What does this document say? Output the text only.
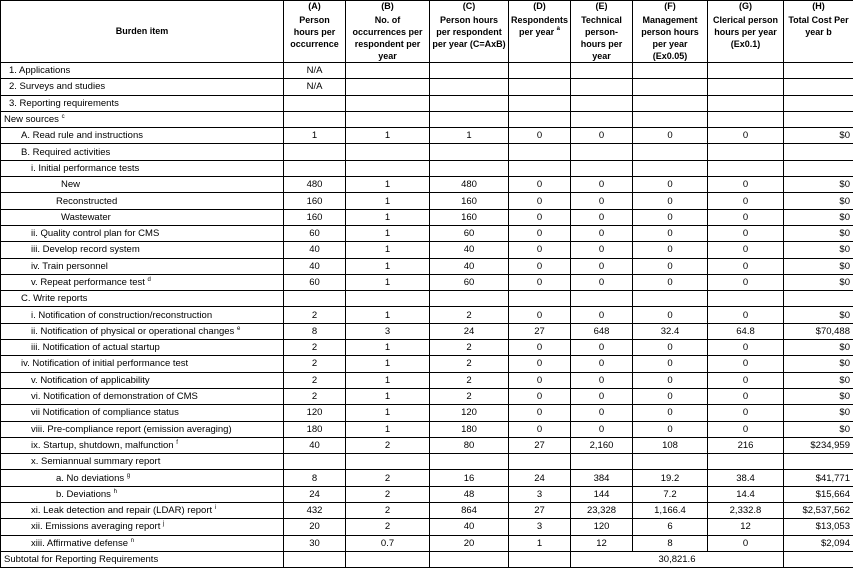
Burden item	(A)	(B)	(C)	(D)	(E)	(F)	(G)	(H)
	Person hours per occurrence	No. of occurrences per respondent per year	Person hours per respondent per year (C=AxB)	Respondents per year $^a$	Technical person-hours per year	Management person hours per year (Ex0.05)	Clerical person hours per year (Ex0.1)	Total Cost Per year b
1. Applications	N/A							
2. Surveys and studies	N/A							
3. Reporting requirements								
New sources $^c$								
A. Read rule and instructions	1	1	1	0	0	0	0	$0
B. Required activities								
i. Initial performance tests								
New	480	1	480	0	0	0	0	$0
Reconstructed	160	1	160	0	0	0	0	$0
Wastewater	160	1	160	0	0	0	0	$0
ii. Quality control plan for CMS	60	1	60	0	0	0	0	$0
iii. Develop record system	40	1	40	0	0	0	0	$0
iv. Train personnel	40	1	40	0	0	0	0	$0
v. Repeat performance test $^d$	60	1	60	0	0	0	0	$0
C. Write reports								
i. Notification of construction/reconstruction	2	1	2	0	0	0	0	$0
ii. Notification of physical or operational changes $^e$	8	3	24	27	648	32.4	64.8	$70,488
iii. Notification of actual startup	2	1	2	0	0	0	0	$0
iv. Notification of initial performance test	2	1	2	0	0	0	0	$0
v. Notification of applicability	2	1	2	0	0	0	0	$0
vi. Notification of demonstration of CMS	2	1	2	0	0	0	0	$0
vii Notification of compliance status	120	1	120	0	0	0	0	$0
viii. Pre-compliance report (emission averaging)	180	1	180	0	0	0	0	$0
ix. Startup, shutdown, malfunction $^f$	40	2	80	27	2,160	108	216	$234,959
x. Semiannual summary report								
a. No deviations $^g$	8	2	16	24	384	19.2	38.4	$41,771
b. Deviations $^h$	24	2	48	3	144	7.2	14.4	$15,664
xi. Leak detection and repair (LDAR) report $^i$	432	2	864	27	23,328	1,166.4	2,332.8	$2,537,562
xii. Emissions averaging report $^j$	20	2	40	3	120	6	12	$13,053
xiii. Affirmative defense $^n$	30	0.7	20	1	12	8	0	$2,094
Subtotal for Reporting Requirements					30,821.6			
